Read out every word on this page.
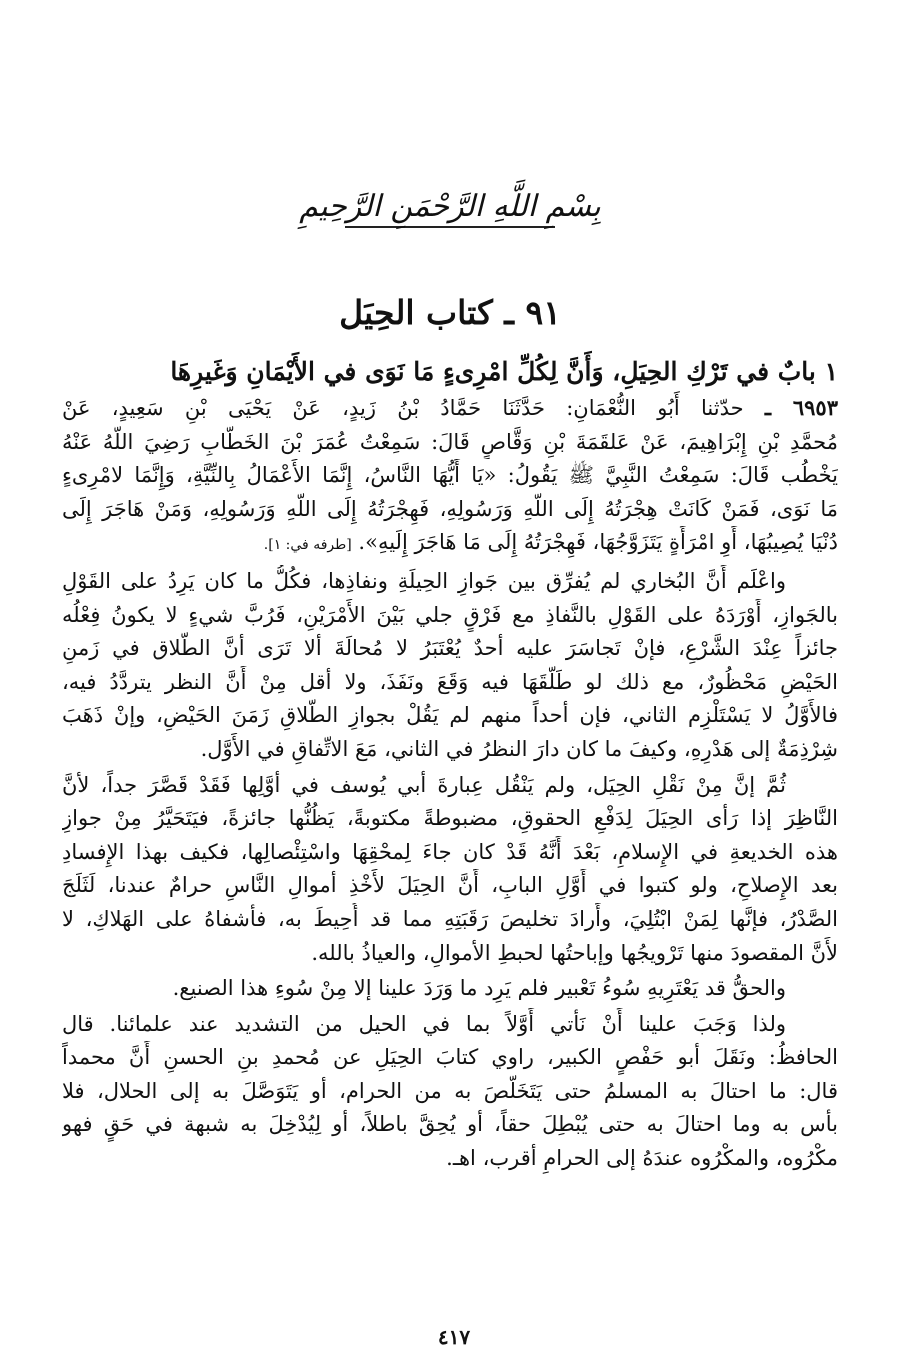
بِسْمِ اللَّهِ الرَّحْمَنِ الرَّحِيمِ
٩١ ـ كتاب الحِيَل
١ بابٌ في تَرْكِ الحِيَلِ، وَأَنَّ لِكُلِّ امْرِىءٍ مَا نَوَى في الأَيْمَانِ وَغَيرِهَا
٦٩٥٣ ـ حدّثنا أَبُو النُّعْمَانِ: حَدَّثَنَا حَمَّادُ بْنُ زَيدٍ، عَنْ يَحْيَى بْنِ سَعِيدٍ، عَنْ
مُحمَّدِ بْنِ إِبْرَاهِيمَ، عَنْ عَلقَمَةَ بْنِ وَقَّاصٍ قَالَ: سَمِعْتُ عُمَرَ بْنَ الخَطَّابِ رَضِيَ اللَّهُ عَنْهُ
يَخْطُب قَالَ: سَمِعْتُ النَّبِيَّ ﷺ يَقُولُ: «يَا أَيُّهَا النَّاسُ، إِنَّمَا الأَعْمَالُ بِالنِّيَّةِ، وَإِنَّمَا لامْرِىءٍ
مَا نَوَى، فَمَنْ كَانَتْ هِجْرَتُهُ إِلَى اللَّهِ وَرَسُولِهِ، فَهِجْرَتُهُ إِلَى اللَّهِ وَرَسُولِهِ، وَمَنْ هَاجَرَ إِلَى
دُنْيَا يُصِيبُهَا، أَوِ امْرَأَةٍ يَتَزَوَّجُهَا، فَهِجْرَتُهُ إِلَى مَا هَاجَرَ إِلَيهِ». [طرفه في: ١].
واعْلَم أَنَّ البُخاري لم يُفرِّق بين جَوازِ الحِيلَةِ ونفاذِها، فكُلُّ ما كان يَرِدُ على القَوْلِ
بالجَوازِ، أَوْرَدَهُ على القَوْلِ بالنَّفاذِ مع فَرْقٍ جلي بَيْنَ الأَمْرَيْنِ، فَرُبَّ شيءٍ لا يكونُ فِعْلُه
جائزاً عِنْدَ الشَّرْعِ، فإنْ تَجاسَرَ عليه أحدٌ يُعْتَبَرُ لا مُحالَةَ ألا تَرَى أنَّ الطَّلاق في زَمنِ
الحَيْضِ مَحْظُورٌ، مع ذلك لو طَلَّقَهَا فيه وَقَعَ ونَفَذَ، ولا أقل مِنْ أَنَّ النظر يتردَّدُ فيه،
فالأَوَّلُ لا يَسْتَلْزِم الثاني، فإن أحداً منهم لم يَقُلْ بجوازِ الطَّلاقِ زَمَنَ الحَيْضِ، وإنْ ذَهَبَ
شِرْذِمَةٌ إلى هَدْرِهِ، وكيفَ ما كان دارَ النظرُ في الثاني، مَعَ الاتِّفاقِ في الأَوَّل.
ثُمَّ إنَّ مِنْ نَقْلِ الحِيَل، ولم يَنْقُل عِبارةَ أبي يُوسف في أوَّلِها فَقَدْ قَصَّرَ جداً، لأنَّ
النَّاظِرَ إذا رَأى الحِيَلَ لِدَفْعِ الحقوقِ، مضبوطةً مكتوبةً، يَظُنُّها جائزةً، فيَتَحَيَّرُ مِنْ جوازِ
هذه الخديعةِ في الإِسلامِ، بَعْدَ أَنَّهُ قَدْ كان جاءَ لِمحْقِهَا واسْتِئْصالِها، فكيف بهذا الإِفسادِ
بعد الإِصلاحِ، ولو كتبوا في أَوَّلِ البابِ، أَنَّ الحِيَلَ لأَخْذِ أموالِ النَّاسِ حرامٌ عندنا، لَثَلَجَ
الصَّدْرُ، فإنَّها لِمَنْ ابْتُلِيَ، وأَرادَ تخليصَ رَقَبَتِهِ مما قد أُحِيطَ به، فأشفاهُ على الهَلاكِ، لا
لأَنَّ المقصودَ منها تَرْويجُها وإباحتُها لحبطِ الأموالِ، والعياذُ بالله.
والحقُّ قد يَعْتَرِيهِ سُوءُ تَعْبير فلم يَرِد ما وَرَدَ علينا إلا مِنْ سُوءِ هذا الصنيع.
ولذا وَجَبَ علينا أَنْ نَأْتي أَوَّلاً بما في الحيل من التشديد عند علمائنا. قال
الحافظُ: ونَقَلَ أبو حَفْصٍ الكبير، راوي كتابَ الحِيَلِ عن مُحمدِ بنِ الحسنِ أَنَّ محمداً
قال: ما احتالَ به المسلمُ حتى يَتَخَلَّصَ به من الحرام، أو يَتَوَصَّلَ به إلى الحلال، فلا
بأس به وما احتالَ به حتى يُبْطِلَ حقاً، أو يُحِقَّ باطلاً، أو لِيُدْخِلَ به شبهة في حَقٍ فهو
مكْرُوه، والمكْرُوه عندَهُ إلى الحرامِ أقرب، اهـ.
٤١٧
